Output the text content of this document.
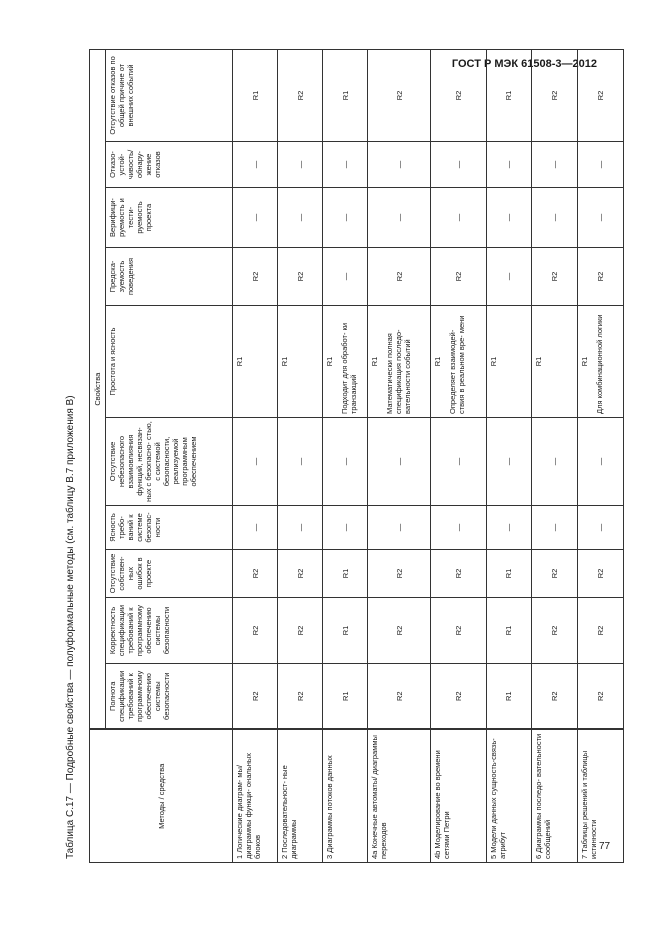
ГОСТ Р МЭК 61508-3—2012
Таблица С.17 — Подробные свойства — полуформальные методы (см. таблицу В.7 приложения В)	Методы / средства	Свойства									
	Полнота спецификации требований к программному обеспечению системы безопасности	Корректность спецификации требований к программному обеспечению системы безопасности	Отсутствие собствен- ных ошибок в проекте	Ясность требо- ваний к системе безопас- ности	Отсутствие небезопасного взаимовлияния функций, несвязан- ных с безопасно- стью, с системой безопасности, реализуемой программным обеспечением	Простота и ясность	Предска- зуемость поведения	Верифици- руемость и тести- руемость проекта	Отказо- устой- чивость/ обнару- жение отказов	Отсутствие отказов по общей причине от внешних событий
1 Логические диаграм- мы/диаграммы функци- ональных блоков	R2	R2	R2	—	—	R1	R2	—	—	R1
2 Последовательност- ные диаграммы	R2	R2	R2	—	—	R1	R2	—	—	R2
3 Диаграммы потоков данных	R1	R1	R1	—	—	R1 Подходит для обработ- ки транзакций	—	—	—	R1
4а Конечные автоматы/ диаграммы переходов	R2	R2	R2	—	—	R1 Математически полная спецификация последо- вательности событий	R2	—	—	R2
4b Моделирование во времени сетями Петри	R2	R2	R2	—	—	R1 Определяет взаимодей- ствия в реальном вре- мени	R2	—	—	R2
5 Модели данных сущность-связь-атрибут	R1	R1	R1	—	—	R1	—	—	—	R1
6 Диаграммы последо- вательности сообщений	R2	R2	R2	—	—	R1	R2	—	—	R2
7 Таблицы решений и таблицы истинности	R2	R2	R2	—	—	R1 Для комбинационной логики	R2	—	—	R2
77
